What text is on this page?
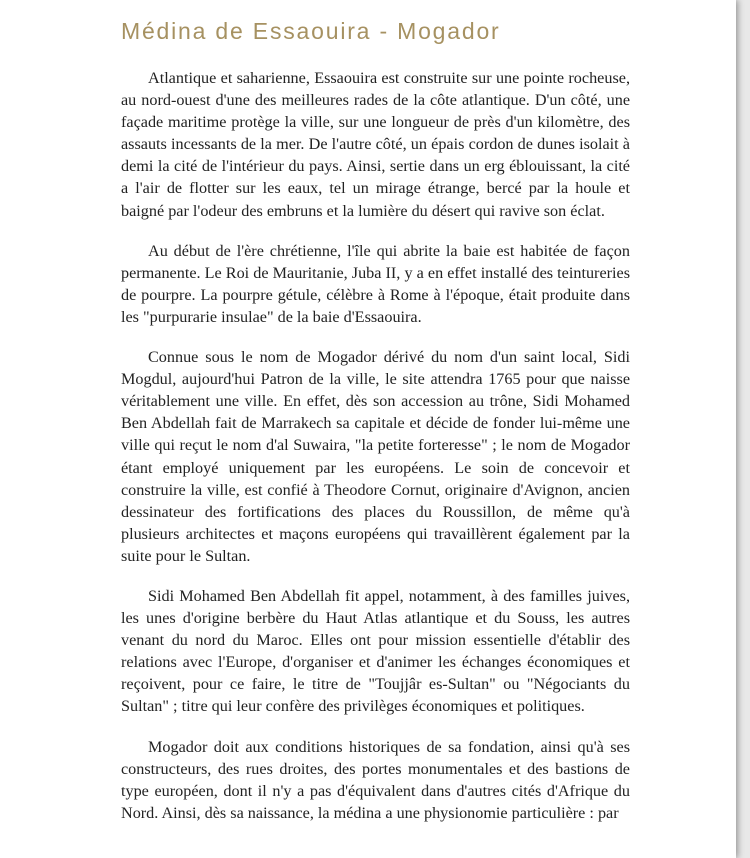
Médina de Essaouira - Mogador

Atlantique et saharienne, Essaouira est construite sur une pointe rocheuse, au nord-ouest d'une des meilleures rades de la côte atlantique. D'un côté, une façade maritime protège la ville, sur une longueur de près d'un kilomètre, des assauts incessants de la mer. De l'autre côté, un épais cordon de dunes isolait à demi la cité de l'intérieur du pays. Ainsi, sertie dans un erg éblouissant, la cité a l'air de flotter sur les eaux, tel un mirage étrange, bercé par la houle et baigné par l'odeur des embruns et la lumière du désert qui ravive son éclat.

Au début de l'ère chrétienne, l'île qui abrite la baie est habitée de façon permanente. Le Roi de Mauritanie, Juba II, y a en effet installé des teintureries de pourpre. La pourpre gétule, célèbre à Rome à l'époque, était produite dans les "purpurarie insulae" de la baie d'Essaouira.

Connue sous le nom de Mogador dérivé du nom d'un saint local, Sidi Mogdul, aujourd'hui Patron de la ville, le site attendra 1765 pour que naisse véritablement une ville. En effet, dès son accession au trône, Sidi Mohamed Ben Abdellah fait de Marrakech sa capitale et décide de fonder lui-même une ville qui reçut le nom d'al Suwaira, "la petite forteresse" ; le nom de Mogador étant employé uniquement par les européens. Le soin de concevoir et construire la ville, est confié à Theodore Cornut, originaire d'Avignon, ancien dessinateur des fortifications des places du Roussillon, de même qu'à plusieurs architectes et maçons européens qui travaillèrent également par la suite pour le Sultan.

Sidi Mohamed Ben Abdellah fit appel, notamment, à des familles juives, les unes d'origine berbère du Haut Atlas atlantique et du Souss, les autres venant du nord du Maroc. Elles ont pour mission essentielle d'établir des relations avec l'Europe, d'organiser et d'animer les échanges économiques et reçoivent, pour ce faire, le titre de "Toujjâr es-Sultan" ou "Négociants du Sultan" ; titre qui leur confère des privilèges économiques et politiques.

Mogador doit aux conditions historiques de sa fondation, ainsi qu'à ses constructeurs, des rues droites, des portes monumentales et des bastions de type européen, dont il n'y a pas d'équivalent dans d'autres cités d'Afrique du Nord. Ainsi, dès sa naissance, la médina a une physionomie particulière : par
